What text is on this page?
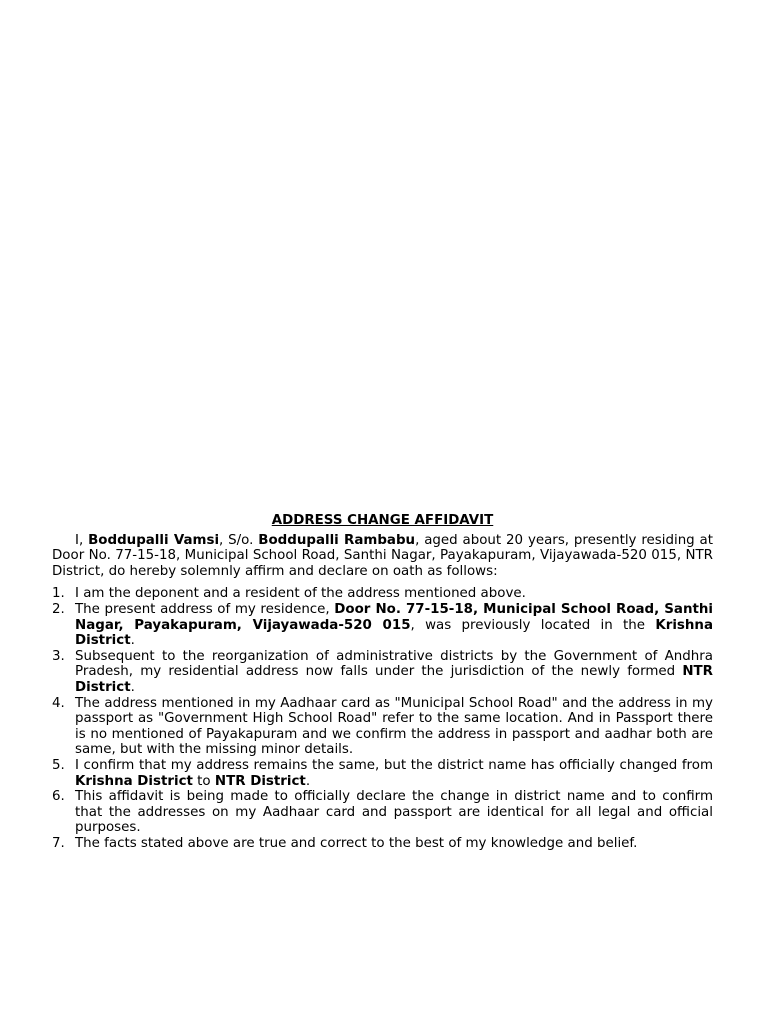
ADDRESS CHANGE AFFIDAVIT

I, Boddupalli Vamsi, S/o. Boddupalli Rambabu, aged about 20 years, presently residing at Door No. 77-15-18, Municipal School Road, Santhi Nagar, Payakapuram, Vijayawada-520 015, NTR District, do hereby solemnly affirm and declare on oath as follows:

1. I am the deponent and a resident of the address mentioned above.
2. The present address of my residence, Door No. 77-15-18, Municipal School Road, Santhi Nagar, Payakapuram, Vijayawada-520 015, was previously located in the Krishna District.
3. Subsequent to the reorganization of administrative districts by the Government of Andhra Pradesh, my residential address now falls under the jurisdiction of the newly formed NTR District.
4. The address mentioned in my Aadhaar card as "Municipal School Road" and the address in my passport as "Government High School Road" refer to the same location. And in Passport there is no mentioned of Payakapuram and we confirm the address in passport and aadhar both are same, but with the missing minor details.
5. I confirm that my address remains the same, but the district name has officially changed from Krishna District to NTR District.
6. This affidavit is being made to officially declare the change in district name and to confirm that the addresses on my Aadhaar card and passport are identical for all legal and official purposes.
7. The facts stated above are true and correct to the best of my knowledge and belief.
